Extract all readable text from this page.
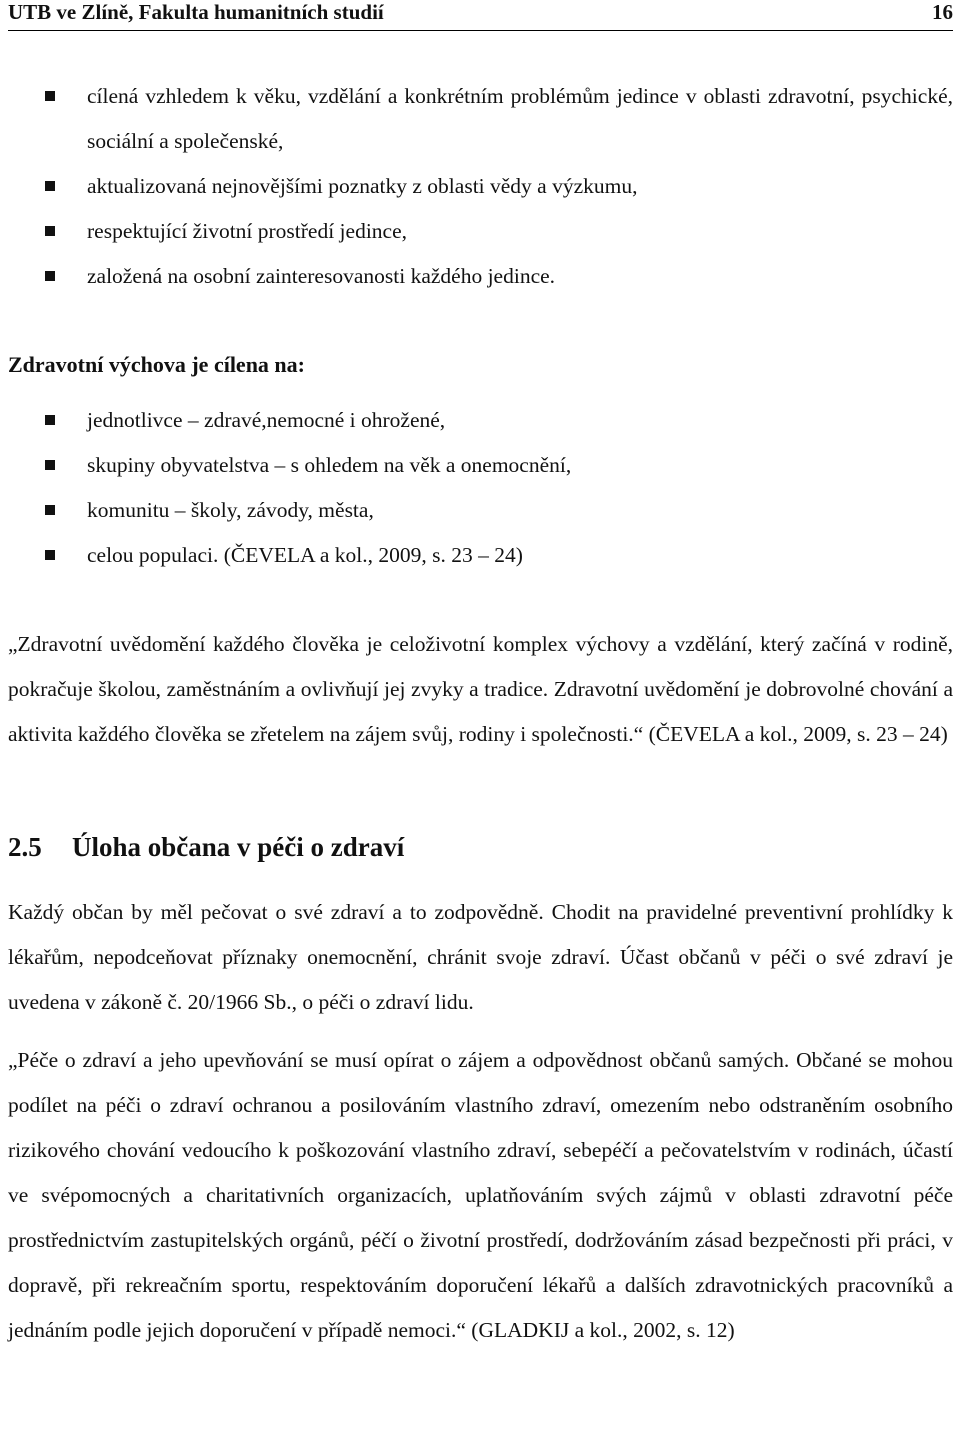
UTB ve Zlíně, Fakulta humanitních studií	16
cílená vzhledem k věku, vzdělání a konkrétním problémům jedince v oblasti zdravotní, psychické, sociální a společenské,
aktualizovaná nejnovějšími poznatky z oblasti vědy a výzkumu,
respektující životní prostředí jedince,
založená na osobní zainteresovanosti každého jedince.
Zdravotní výchova je cílena na:
jednotlivce – zdravé,nemocné i ohrožené,
skupiny obyvatelstva – s ohledem na věk a onemocnění,
komunitu – školy, závody, města,
celou populaci. (ČEVELA a kol., 2009, s. 23 – 24)
„Zdravotní uvědomění každého člověka je celoživotní komplex výchovy a vzdělání, který začíná v rodině, pokračuje školou, zaměstnáním a ovlivňují jej zvyky a tradice. Zdravotní uvědomění je dobrovolné chování a aktivita každého člověka se zřetelem na zájem svůj, rodiny i společnosti.“ (ČEVELA a kol., 2009, s. 23 – 24)
2.5 Úloha občana v péči o zdraví
Každý občan by měl pečovat o své zdraví a to zodpovědně. Chodit na pravidelné preventivní prohlídky k lékařům, nepodceňovat příznaky onemocnění, chránit svoje zdraví. Účast občanů v péči o své zdraví je uvedena v zákoně č. 20/1966 Sb., o péči o zdraví lidu.
„Péče o zdraví a jeho upevňování se musí opírat o zájem a odpovědnost občanů samých. Občané se mohou podílet na péči o zdraví ochranou a posilováním vlastního zdraví, omezením nebo odstraněním osobního rizikového chování vedoucího k poškozování vlastního zdraví, sebepéčí a pečovatelstvím v rodinách, účastí ve svépomocných a charitativních organizacích, uplatňováním svých zájmů v oblasti zdravotní péče prostřednictvím zastupitelských orgánů, péčí o životní prostředí, dodržováním zásad bezpečnosti při práci, v dopravě, při rekreačním sportu, respektováním doporučení lékařů a dalších zdravotnických pracovníků a jednáním podle jejich doporučení v případě nemoci.“ (GLADKIJ a kol., 2002, s. 12)
